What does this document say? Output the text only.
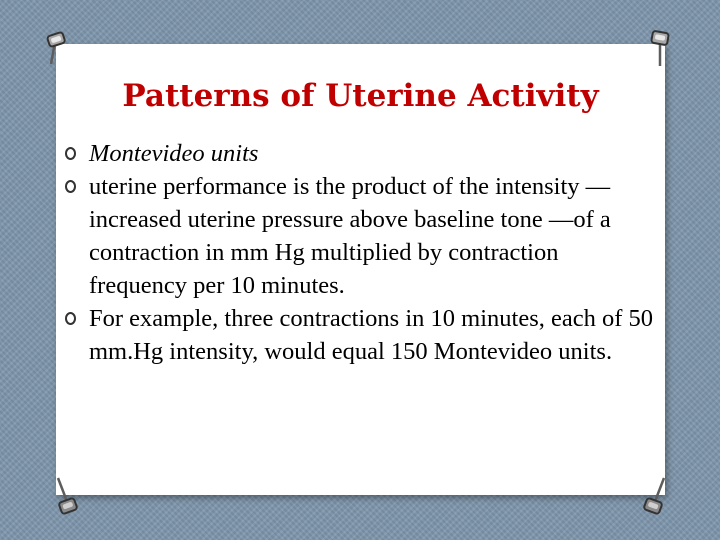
Patterns of Uterine Activity
Montevideo units
uterine performance is the product of the intensity —increased uterine pressure above baseline tone —of a contraction in mm Hg multiplied by contraction frequency per 10 minutes.
For example, three contractions in 10 minutes, each of 50 mm.Hg intensity, would equal 150 Montevideo units.
